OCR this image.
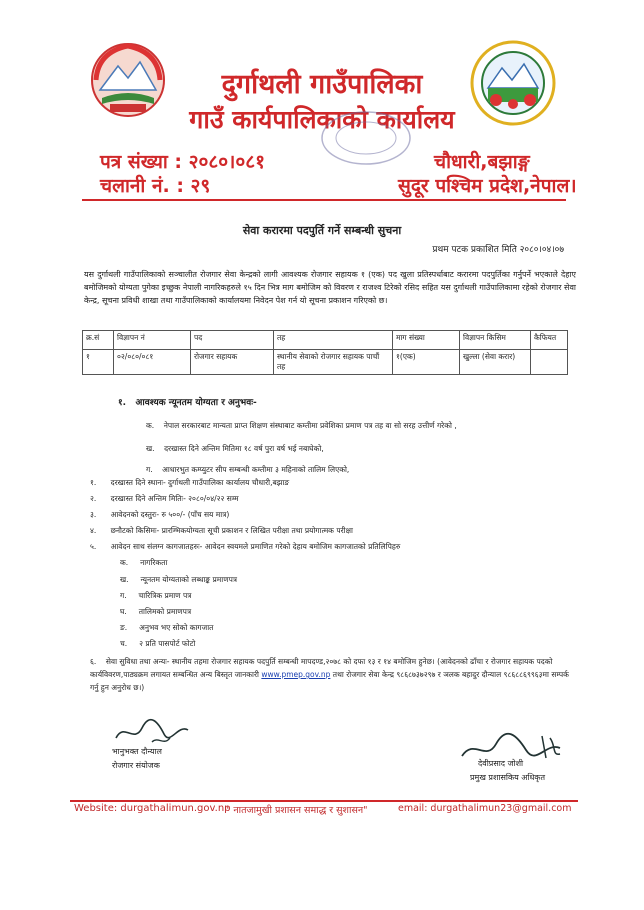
दुर्गाथली गाउँपालिका
गाउँ कार्यपालिकाको कार्यालय
पत्र संख्या : २०८०।०८१
चलानी नं. : २९
चौधारी,बझाङ्ग
सुदूर पश्चिम प्रदेश,नेपाल।
सेवा करारमा पदपुर्ति गर्ने सम्बन्धी सुचना
प्रथम पटक प्रकाशित मिति २०८०।०४।०७
यस दुर्गाथली गाउँपालिकाको सञ्चालीत रोजगार सेवा केन्द्रको लागी आवश्यक रोजगार सहायक १ (एक) पद खुला प्रतिस्पर्धाबाट करारमा पदपुर्तिका गर्नुपर्ने भएकाले देहाए बमोजिमको योग्यता पुगेका इच्छुक नेपाली नागरिकहरुले १५ दिन भित्र माग बमोजिम को विवरण र राजश्व टिरेको रसिद सहित यस दुर्गाथली गाउँपालिकामा रहेको रोजगार सेवा केन्द्र, सूचना प्रविधी शाखा तथा गाउँपालिकाको कार्यालयमा निवेदन पेश गर्न यो सूचना प्रकाशन गरिएको छ।
क्र.सं	विज्ञापन नं	पद	तह	माग संख्या	विज्ञापन किसिम	कैफियत
१	०२/०८०/०८१	रोजगार सहायक	स्थानीय सेवाको रोजगार सहायक पाचौं तह	१(एक)	खुल्ला (सेवा करार)	
१. आवश्यक न्यूनतम योग्यता र अनुभवः-
क. नेपाल सरकारबाट मान्यता प्राप्त शिक्षण संस्थाबाट कम्तीमा प्रवेशिका प्रमाण पत्र तह वा सो सरह उत्तीर्ण गरेको ,
ख. दरखास्त दिने अन्तिम मितिमा १८ वर्ष पुरा वर्ष भई नबाघेको,
ग. आधारभुत कम्प्युटर सीप सम्बन्धी कम्तीमा ३ महिनाको तालिम लिएको,
१. दरखास्त दिने स्थानः- दुर्गाथली गाउँपालिका कार्यालय चौधारी,बझाङ
२. दरखास्त दिने अन्तिम मितिः- २०८०/०४/२२ सम्म
३. आवेदनको दस्तुरः- रु ५००/- (पाँच सय मात्र)
४. छनौटको किसिमः- प्रारम्भिकयोग्यता सूची प्रकाशन र लिखित परीक्षा तथा प्रयोगात्मक परीक्षा
५. आवेदन साथ संलग्न कागजातहरुः- आवेदन स्वयमले प्रमाणित गरेको देहाय बमोजिम कागजातको प्रतिलिपिहरु
क. नागरिकता
ख. न्यूनतम योग्यताको लब्धाङ्क प्रमाणपत्र
ग. चारित्रिक प्रमाण पत्र
घ. तालिमको प्रमाणपत्र
ङ. अनुभव भए सोको कागजात
च. २ प्रति पासपोर्ट फोटो
६. सेवा सुविधा तथा अन्यः- स्थानीय तहमा रोजगार सहायक पदपुर्ति सम्बन्धी मापदण्ड,२०७८ को दफा १३ र १४ बमोजिम हुनेछ। (आवेदनको ढाँचा र रोजगार सहायक पदको कार्यविवरण,पाठ्यक्रम लगायत सम्बन्धित अन्य बिस्तृत जानकारी www.pmep.gov.np तथा रोजगार सेवा केन्द्र ९८६८७३७२९७ र ञलक बहादुर दौन्याल ९८६८८६९९६३मा सम्पर्क गर्नु हुन अनुरोध छ।)
भानुभक्त दौन्याल
रोजगार संयोजक	देवीप्रसाद जोशी
प्रमुख प्रशासकिय अधिकृत
Website: durgathalimun.gov.np
" नातजामुखी प्रशासन समाद्ध र सुशासन"	email: durgathalimun23@gmail.com
